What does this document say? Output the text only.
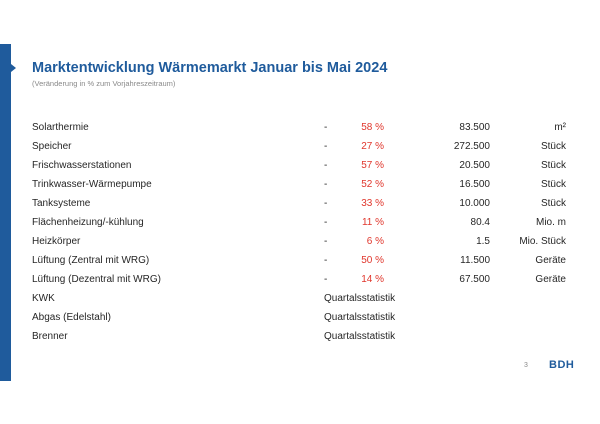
Marktentwicklung Wärmemarkt Januar bis Mai 2024
(Veränderung in % zum Vorjahreszeitraum)
Solarthermie	-	58 %	83.500	m²
Speicher	-	27 %	272.500	Stück
Frischwasserstationen	-	57 %	20.500	Stück
Trinkwasser-Wärmepumpe	-	52 %	16.500	Stück
Tanksysteme	-	33 %	10.000	Stück
Flächenheizung/-kühlung	-	11 %	80.4	Mio. m
Heizkörper	-	6 %	1.5	Mio. Stück
Lüftung (Zentral mit WRG)	-	50 %	11.500	Geräte
Lüftung (Dezentral mit WRG)	-	14 %	67.500	Geräte
KWK	Quartalsstatistik
Abgas (Edelstahl)	Quartalsstatistik
Brenner	Quartalsstatistik
3 BDH
